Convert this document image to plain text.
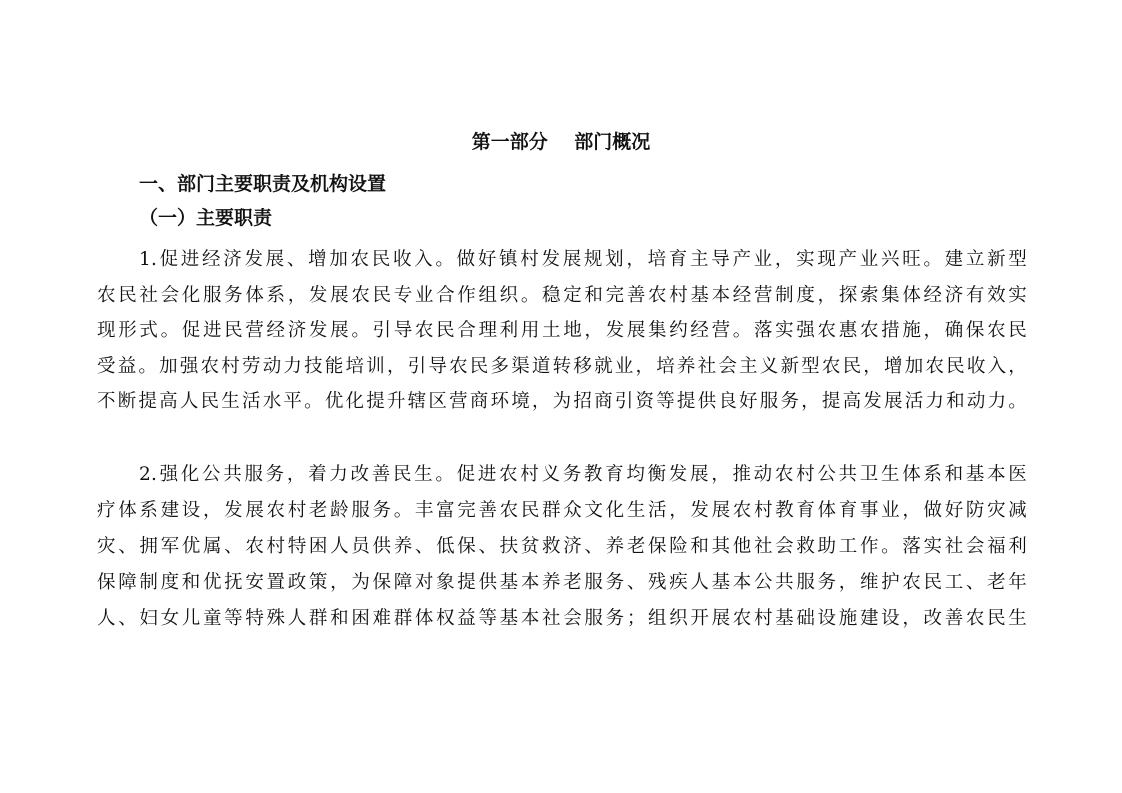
第一部分    部门概况
一、部门主要职责及机构设置
（一）主要职责
1.促进经济发展、增加农民收入。做好镇村发展规划，培育主导产业，实现产业兴旺。建立新型
农民社会化服务体系，发展农民专业合作组织。稳定和完善农村基本经营制度，探索集体经济有效实
现形式。促进民营经济发展。引导农民合理利用土地，发展集约经营。落实强农惠农措施，确保农民
受益。加强农村劳动力技能培训，引导农民多渠道转移就业，培养社会主义新型农民，增加农民收入，
不断提高人民生活水平。优化提升辖区营商环境，为招商引资等提供良好服务，提高发展活力和动力。
2.强化公共服务，着力改善民生。促进农村义务教育均衡发展，推动农村公共卫生体系和基本医
疗体系建设，发展农村老龄服务。丰富完善农民群众文化生活，发展农村教育体育事业，做好防灾减
灾、拥军优属、农村特困人员供养、低保、扶贫救济、养老保险和其他社会救助工作。落实社会福利
保障制度和优抚安置政策，为保障对象提供基本养老服务、残疾人基本公共服务，维护农民工、老年
人、妇女儿童等特殊人群和困难群体权益等基本社会服务；组织开展农村基础设施建设，改善农民生
